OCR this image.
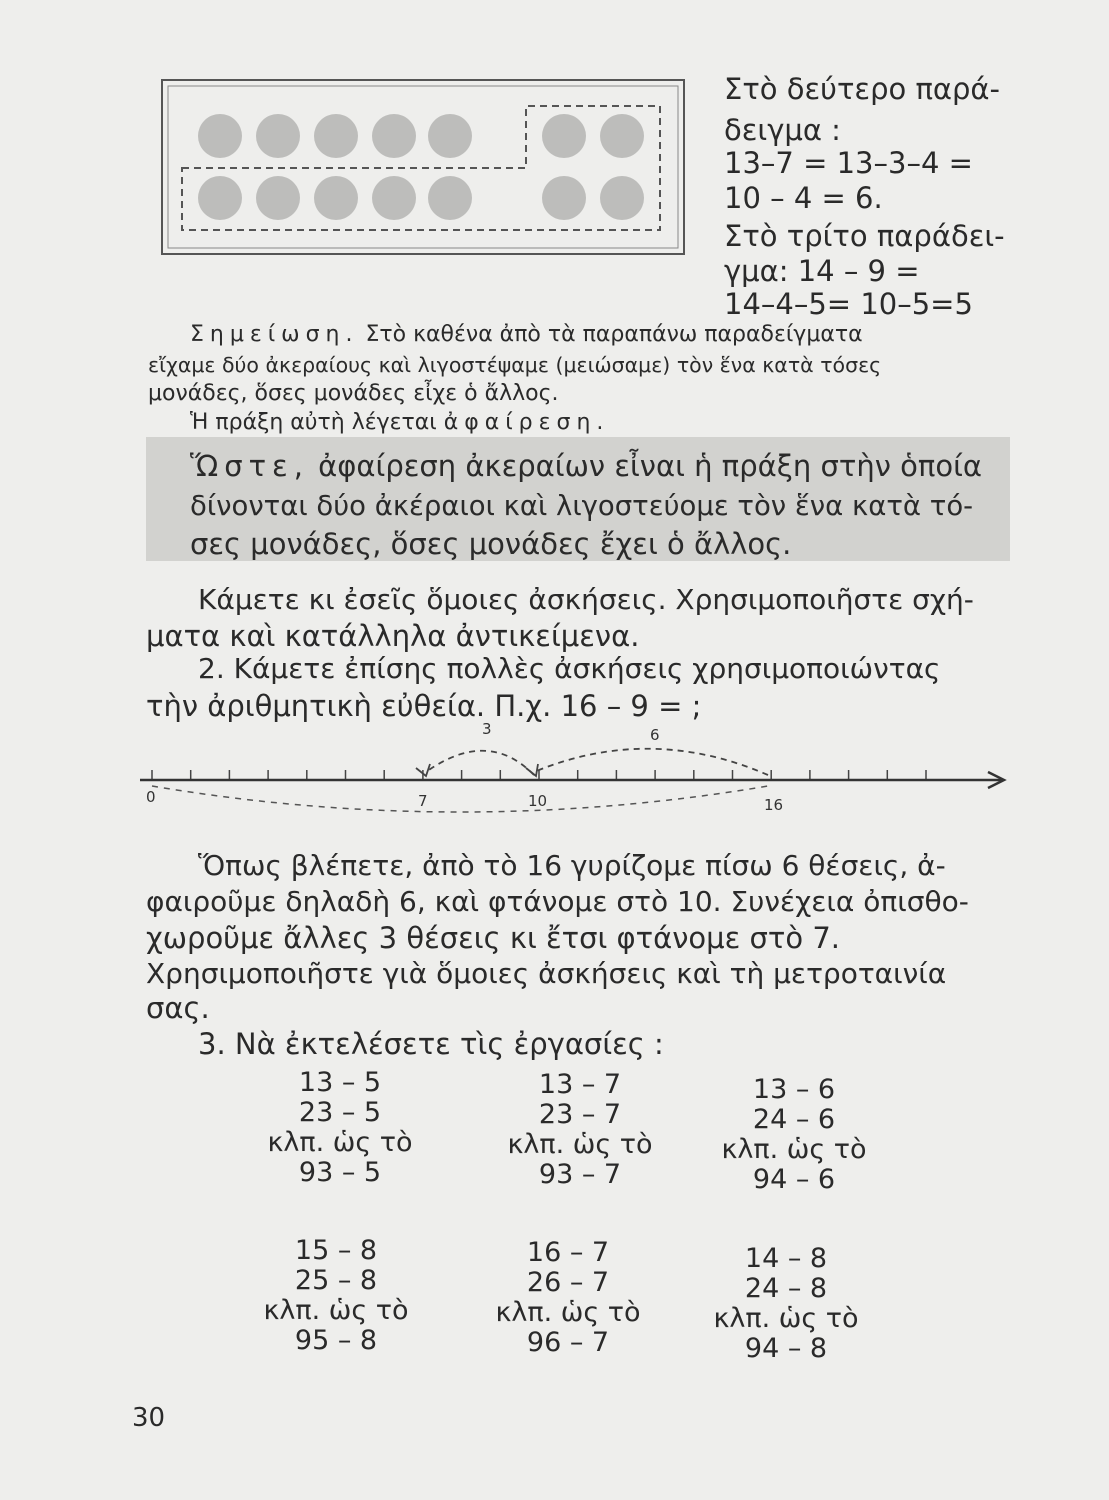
Στὸ δεύτερο παρά-
δειγμα :
13–7 = 13–3–4 =
10 – 4 = 6.
Στὸ τρίτο παράδει-
γμα: 14 – 9 =
14–4–5= 10–5=5
Σημείωση. Στὸ καθένα ἀπὸ τὰ παραπάνω παραδείγματα
εἴχαμε δύο ἀκεραίους καὶ λιγοστέψαμε (μειώσαμε) τὸν ἕνα κατὰ τόσες
μονάδες, ὅσες μονάδες εἶχε ὁ ἄλλος.
Ἡ πράξη αὐτὴ λέγεται ἀφαίρεση.
Ὥστε, ἀφαίρεση ἀκεραίων εἶναι ἡ πράξη στὴν ὁποία
δίνονται δύο ἀκέραιοι καὶ λιγοστεύομε τὸν ἕνα κατὰ τό-
σες μονάδες, ὅσες μονάδες ἔχει ὁ ἄλλος.
Κάμετε κι ἐσεῖς ὅμοιες ἀσκήσεις. Χρησιμοποιῆστε σχή-
ματα καὶ κατάλληλα ἀντικείμενα.
2. Κάμετε ἐπίσης πολλὲς ἀσκήσεις χρησιμοποιώντας
τὴν ἀριθμητικὴ εὐθεία. Π.χ. 16 – 9 = ;
3	6
0	7	10	16
Ὅπως βλέπετε, ἀπὸ τὸ 16 γυρίζομε πίσω 6 θέσεις, ἀ-
φαιροῦμε δηλαδὴ 6, καὶ φτάνομε στὸ 10. Συνέχεια ὀπισθο-
χωροῦμε ἄλλες 3 θέσεις κι ἔτσι φτάνομε στὸ 7.
Χρησιμοποιῆστε γιὰ ὅμοιες ἀσκήσεις καὶ τὴ μετροταινία
σας.
3. Νὰ ἐκτελέσετε τὶς ἐργασίες :
13 – 5
23 – 5
κλπ. ὡς τὸ
93 – 5
13 – 7
23 – 7
κλπ. ὡς τὸ
93 – 7
13 – 6
24 – 6
κλπ. ὡς τὸ
94 – 6
15 – 8
25 – 8
κλπ. ὡς τὸ
95 – 8
16 – 7
26 – 7
κλπ. ὡς τὸ
96 – 7
14 – 8
24 – 8
κλπ. ὡς τὸ
94 – 8
30
